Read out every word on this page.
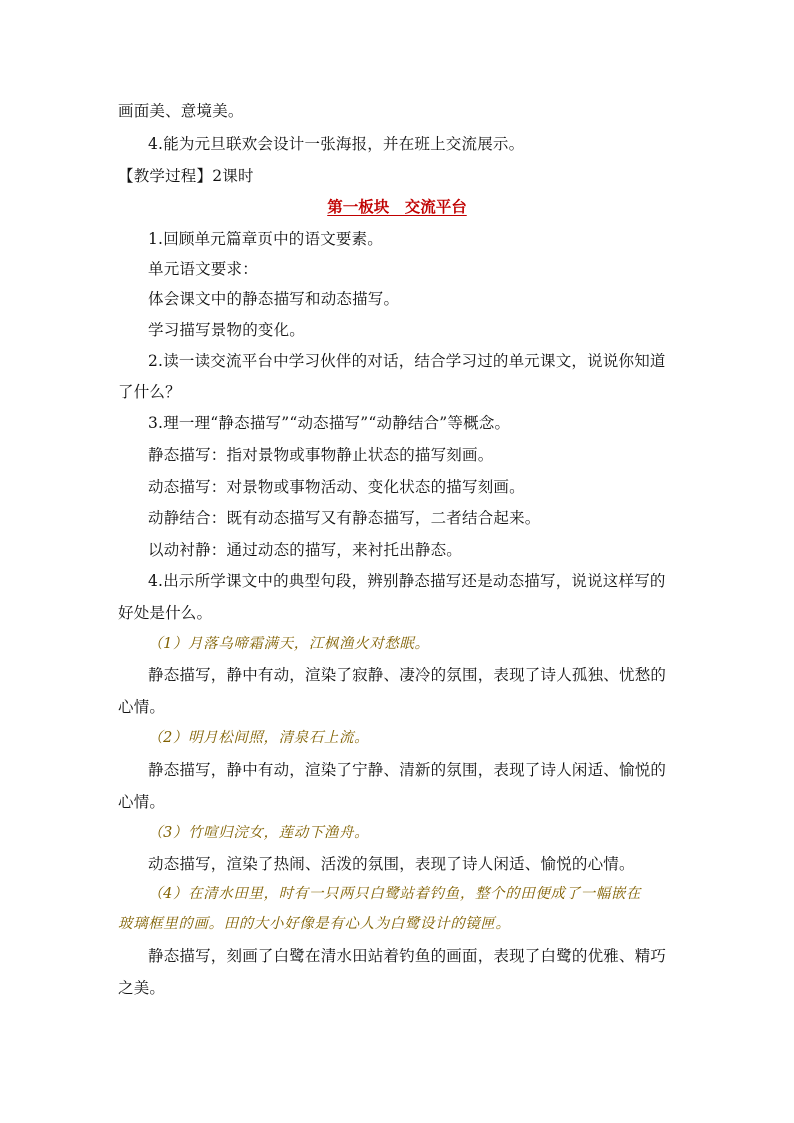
画面美、意境美。
4.能为元旦联欢会设计一张海报，并在班上交流展示。
【教学过程】2课时
第一板块　交流平台
1.回顾单元篇章页中的语文要素。
单元语文要求：
体会课文中的静态描写和动态描写。
学习描写景物的变化。
2.读一读交流平台中学习伙伴的对话，结合学习过的单元课文，说说你知道
了什么？
3.理一理“静态描写”“动态描写”“动静结合”等概念。
静态描写：指对景物或事物静止状态的描写刻画。
动态描写：对景物或事物活动、变化状态的描写刻画。
动静结合：既有动态描写又有静态描写，二者结合起来。
以动衬静：通过动态的描写，来衬托出静态。
4.出示所学课文中的典型句段，辨别静态描写还是动态描写，说说这样写的
好处是什么。
（1）月落乌啼霜满天，江枫渔火对愁眠。
静态描写，静中有动，渲染了寂静、凄冷的氛围，表现了诗人孤独、忧愁的
心情。
（2）明月松间照，清泉石上流。
静态描写，静中有动，渲染了宁静、清新的氛围，表现了诗人闲适、愉悦的
心情。
（3）竹喧归浣女，莲动下渔舟。
动态描写，渲染了热闹、活泼的氛围，表现了诗人闲适、愉悦的心情。
（4）在清水田里，时有一只两只白鹭站着钓鱼，整个的田便成了一幅嵌在
玻璃框里的画。田的大小好像是有心人为白鹭设计的镜匣。
静态描写，刻画了白鹭在清水田站着钓鱼的画面，表现了白鹭的优雅、精巧
之美。
